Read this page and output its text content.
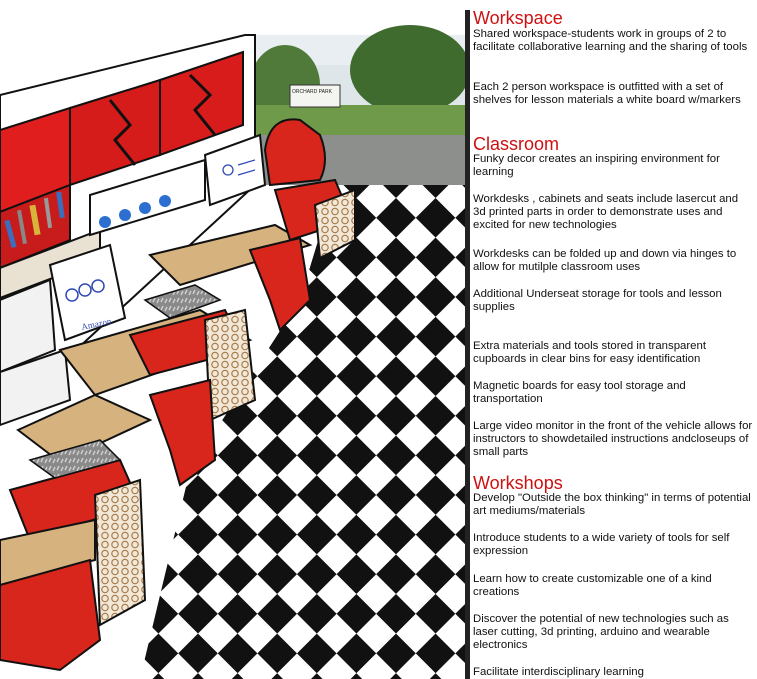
ORCHARD PARK
Amazon
Workspace
Shared workspace-students work in groups of 2 to facilitate collaborative learning and the sharing of tools
Each 2 person workspace is outfitted with a set of shelves for lesson materials a white board w/markers
Classroom
Funky decor creates an inspiring environment for learning
Workdesks , cabinets and seats include lasercut and 3d printed parts in order to demonstrate uses and excited for new technologies
Workdesks can be folded up and down via hinges to allow for mutilple classroom uses
Additional Underseat storage for tools and lesson supplies
Extra materials and tools stored in transparent cupboards in clear bins for easy identification
Magnetic boards for easy tool storage and transportation
Large video monitor in the front of the vehicle allows for instructors to showdetailed instructions andcloseups of small parts
Workshops
Develop "Outside the box thinking" in terms of potential art mediums/materials
Introduce students to a wide variety of tools for self expression
Learn how to create customizable one of a kind creations
Discover the potential of new technologies such as laser cutting, 3d printing, arduino and wearable electronics
Facilitate interdisciplinary learning
